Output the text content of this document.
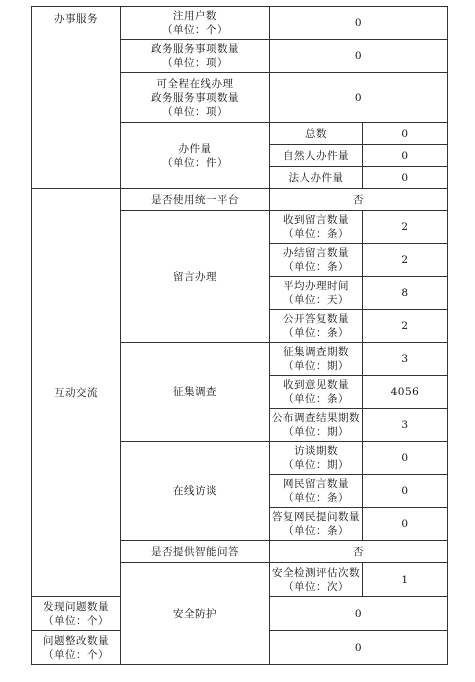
办事服务	注用户数
（单位：个）	0	

	政务服务事项数量
（单位：项）	0	

	可全程在线办理
政务服务事项数量
（单位：项）	0	

	办件量
（单位：件）	总数	0
		自然人办件量	0
		法人办件量	0
互动交流	是否使用统一平台	否	
	留言办理	收到留言数量
（单位：条）	2

		办结留言数量
（单位：条）	2

		平均办理时间
（单位：天）	8

		公开答复数量
（单位：条）	2
	征集调查	征集调查期数
（单位：期）	3

		收到意见数量
（单位：条）	4056

		公布调查结果期数
（单位：期）	3
	在线访谈	访谈期数
（单位：期）	0

		网民留言数量
（单位：条）	0

		答复网民提问数量
（单位：条）	0
	是否提供智能问答	否	
	安全防护	安全检测评估次数
（单位：次）	1

发现问题数量
（单位：个）		0	

问题整改数量
（单位：个）		0	
